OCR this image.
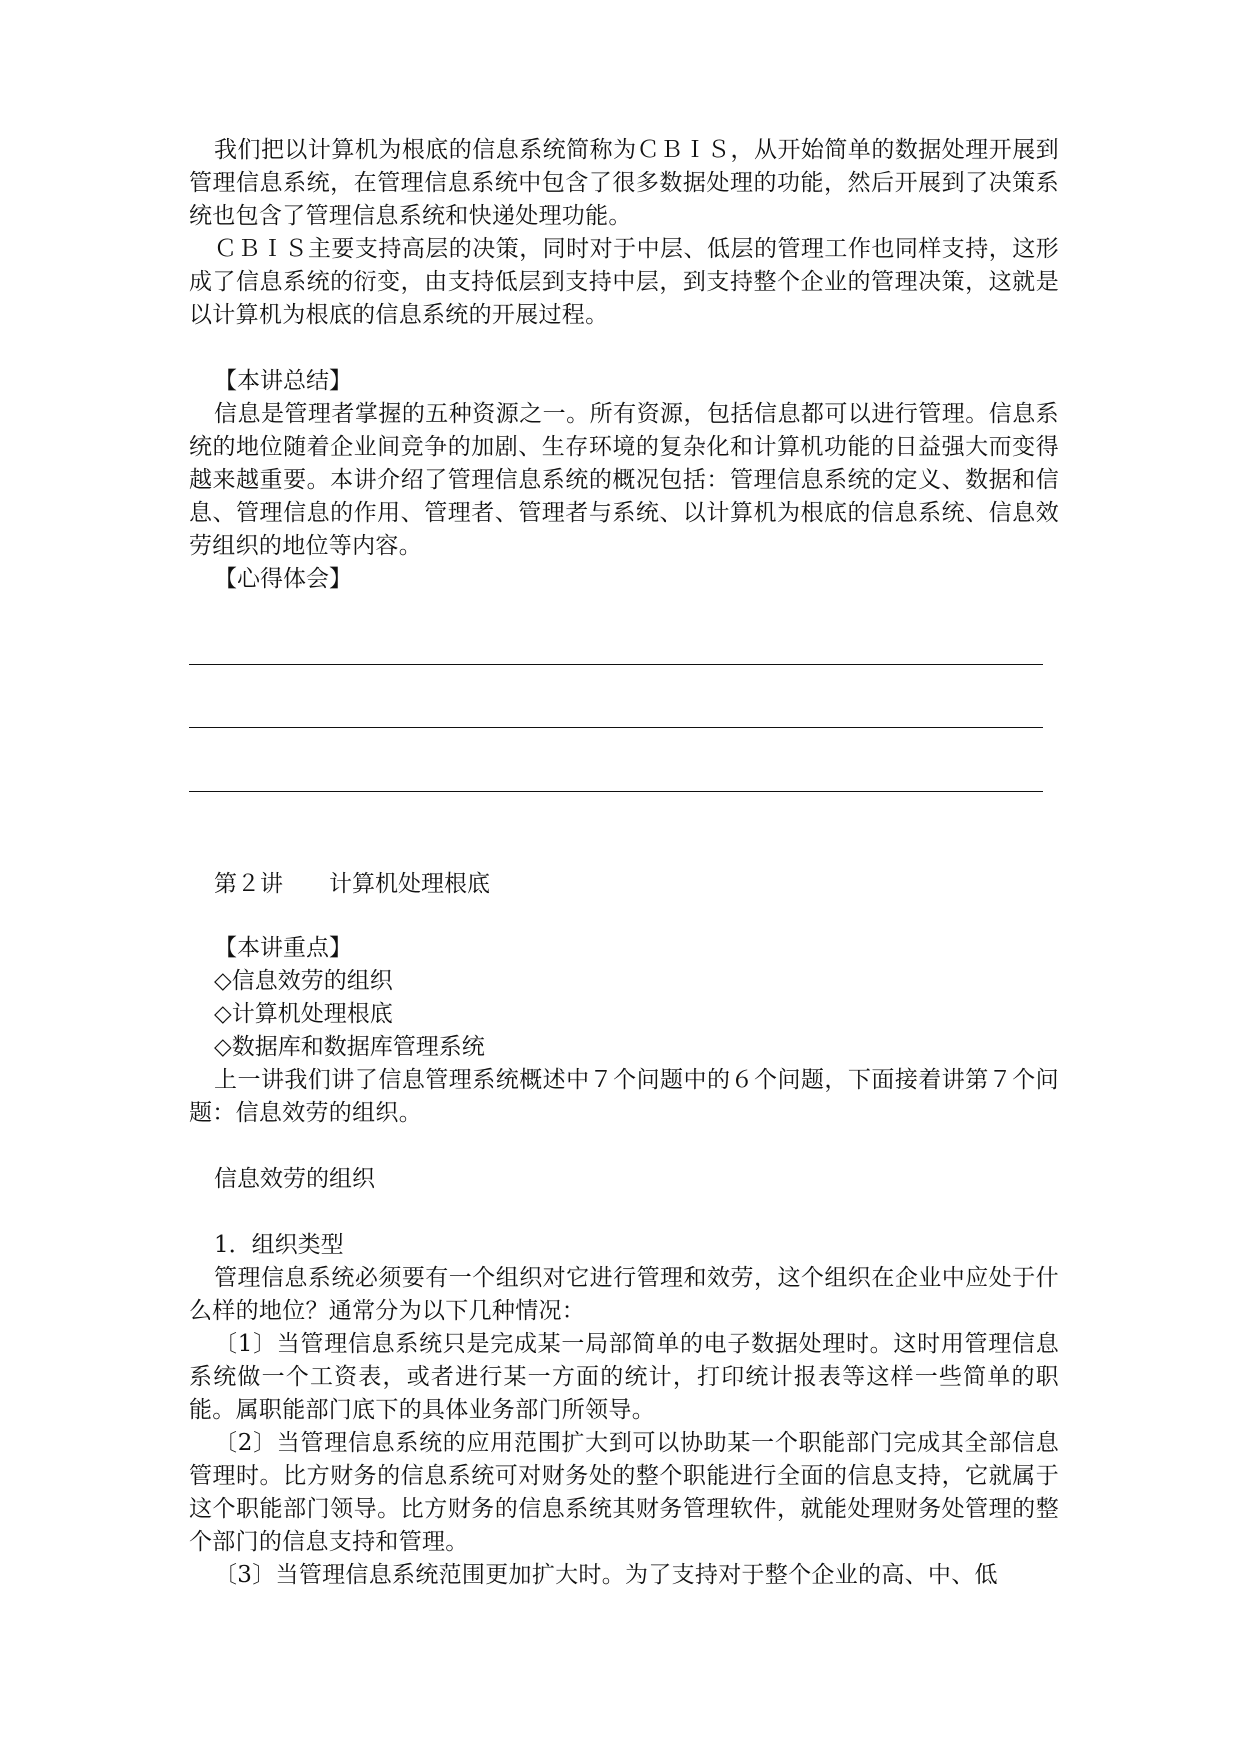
我们把以计算机为根底的信息系统简称为ＣＢＩＳ，从开始简单的数据处理开展到管理信息系统，在管理信息系统中包含了很多数据处理的功能，然后开展到了决策系统也包含了管理信息系统和快递处理功能。

ＣＢＩＳ主要支持高层的决策，同时对于中层、低层的管理工作也同样支持，这形成了信息系统的衍变，由支持低层到支持中层，到支持整个企业的管理决策，这就是以计算机为根底的信息系统的开展过程。

【本讲总结】

信息是管理者掌握的五种资源之一。所有资源，包括信息都可以进行管理。信息系统的地位随着企业间竞争的加剧、生存环境的复杂化和计算机功能的日益强大而变得越来越重要。本讲介绍了管理信息系统的概况包括：管理信息系统的定义、数据和信息、管理信息的作用、管理者、管理者与系统、以计算机为根底的信息系统、信息效劳组织的地位等内容。

【心得体会】

第２讲　　计算机处理根底

【本讲重点】

◇信息效劳的组织

◇计算机处理根底

◇数据库和数据库管理系统

上一讲我们讲了信息管理系统概述中７个问题中的６个问题，下面接着讲第７个问题：信息效劳的组织。

信息效劳的组织

1．组织类型

管理信息系统必须要有一个组织对它进行管理和效劳，这个组织在企业中应处于什么样的地位？通常分为以下几种情况：

〔1〕当管理信息系统只是完成某一局部简单的电子数据处理时。这时用管理信息系统做一个工资表，或者进行某一方面的统计，打印统计报表等这样一些简单的职能。属职能部门底下的具体业务部门所领导。

〔2〕当管理信息系统的应用范围扩大到可以协助某一个职能部门完成其全部信息管理时。比方财务的信息系统可对财务处的整个职能进行全面的信息支持，它就属于这个职能部门领导。比方财务的信息系统其财务管理软件，就能处理财务处管理的整个部门的信息支持和管理。

〔3〕当管理信息系统范围更加扩大时。为了支持对于整个企业的高、中、低
